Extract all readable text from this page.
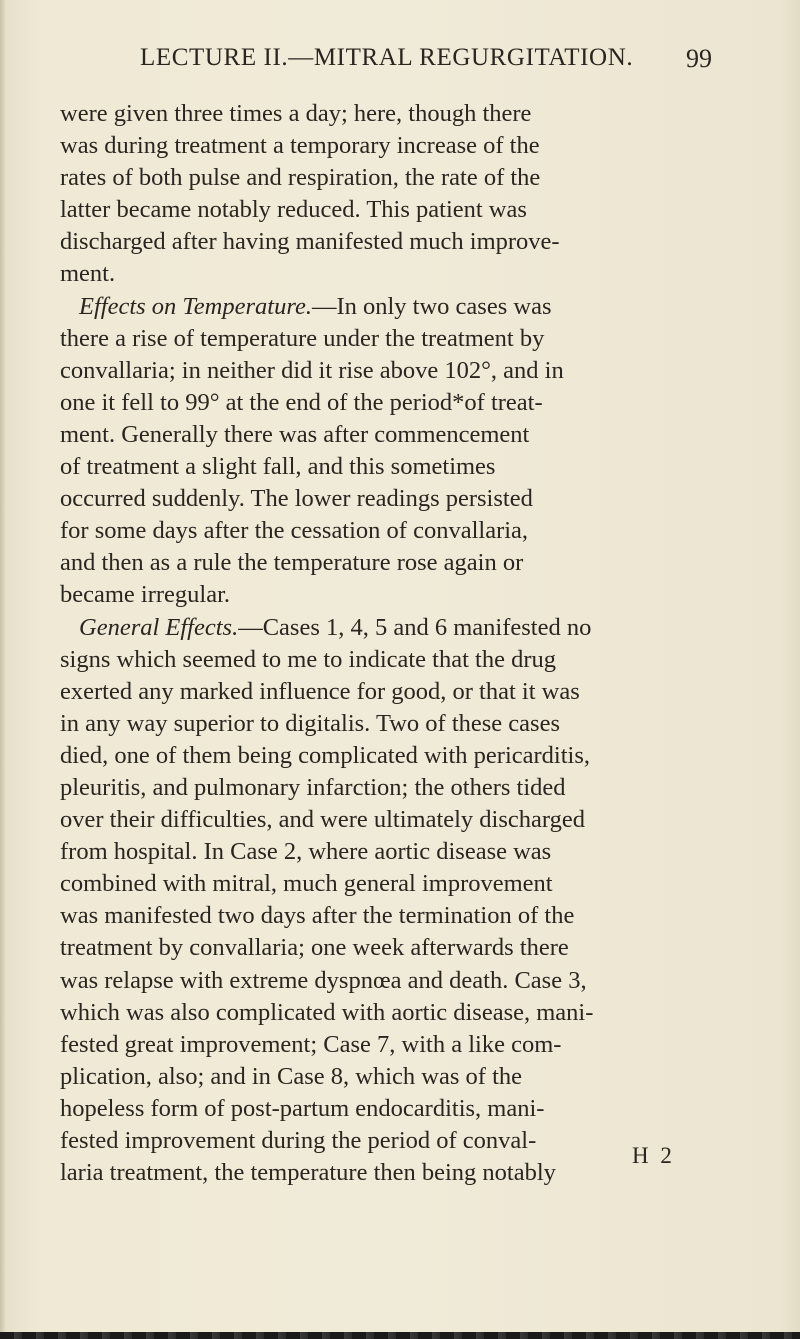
LECTURE II.—MITRAL REGURGITATION. 99
were given three times a day; here, though there
was during treatment a temporary increase of the
rates of both pulse and respiration, the rate of the
latter became notably reduced. This patient was
discharged after having manifested much improve-
ment.
Effects on Temperature.—In only two cases was
there a rise of temperature under the treatment by
convallaria; in neither did it rise above 102°, and in
one it fell to 99° at the end of the period*of treat-
ment. Generally there was after commencement
of treatment a slight fall, and this sometimes
occurred suddenly. The lower readings persisted
for some days after the cessation of convallaria,
and then as a rule the temperature rose again or
became irregular.
General Effects.—Cases 1, 4, 5 and 6 manifested no
signs which seemed to me to indicate that the drug
exerted any marked influence for good, or that it was
in any way superior to digitalis. Two of these cases
died, one of them being complicated with pericarditis,
pleuritis, and pulmonary infarction; the others tided
over their difficulties, and were ultimately discharged
from hospital. In Case 2, where aortic disease was
combined with mitral, much general improvement
was manifested two days after the termination of the
treatment by convallaria; one week afterwards there
was relapse with extreme dyspnœa and death. Case 3,
which was also complicated with aortic disease, mani-
fested great improvement; Case 7, with a like com-
plication, also; and in Case 8, which was of the
hopeless form of post-partum endocarditis, mani-
fested improvement during the period of conval-
laria treatment, the temperature then being notably
H 2
